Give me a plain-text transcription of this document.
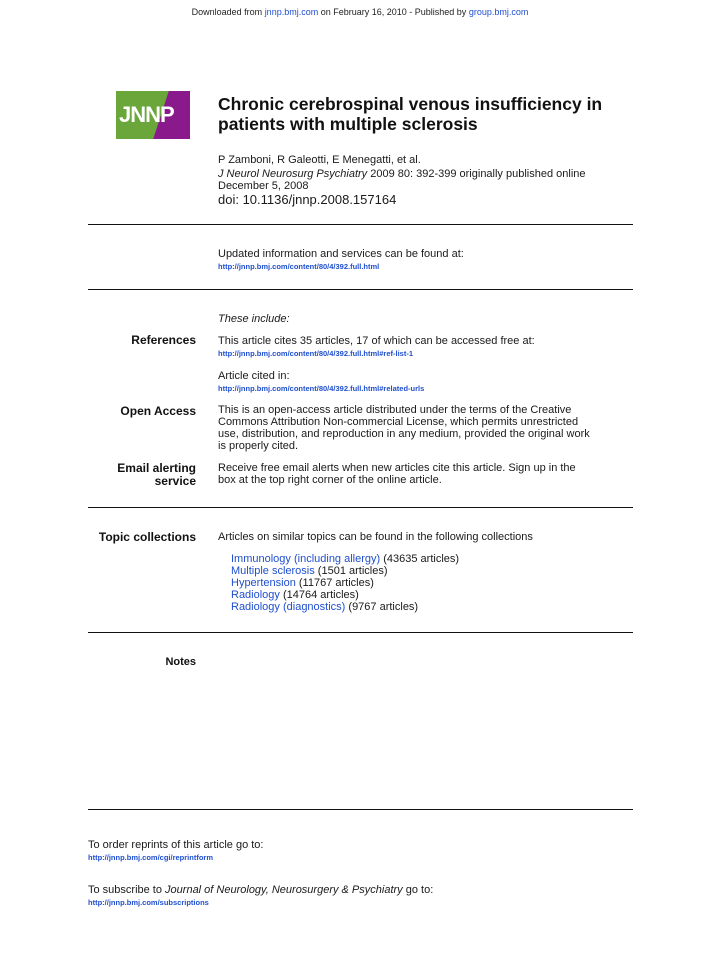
Downloaded from jnnp.bmj.com on February 16, 2010 - Published by group.bmj.com
JNNP	Chronic cerebrospinal venous insufficiency in patients with multiple sclerosis
P Zamboni, R Galeotti, E Menegatti, et al.
J Neurol Neurosurg Psychiatry 2009 80: 392-399 originally published online
December 5, 2008
doi: 10.1136/jnnp.2008.157164
Updated information and services can be found at:
http://jnnp.bmj.com/content/80/4/392.full.html
These include:
References This article cites 35 articles, 17 of which can be accessed free at:
http://jnnp.bmj.com/content/80/4/392.full.html#ref-list-1
Article cited in:
http://jnnp.bmj.com/content/80/4/392.full.html#related-urls
Open Access This is an open-access article distributed under the terms of the Creative
Commons Attribution Non-commercial License, which permits unrestricted
use, distribution, and reproduction in any medium, provided the original work
is properly cited.
Email alerting
service
Receive free email alerts when new articles cite this article. Sign up in the
box at the top right corner of the online article.
Topic collections Articles on similar topics can be found in the following collections
Immunology (including allergy) (43635 articles)
Multiple sclerosis (1501 articles)
Hypertension (11767 articles)
Radiology (14764 articles)
Radiology (diagnostics) (9767 articles)
Notes
To order reprints of this article go to:
http://jnnp.bmj.com/cgi/reprintform
To subscribe to Journal of Neurology, Neurosurgery & Psychiatry go to:
http://jnnp.bmj.com/subscriptions
